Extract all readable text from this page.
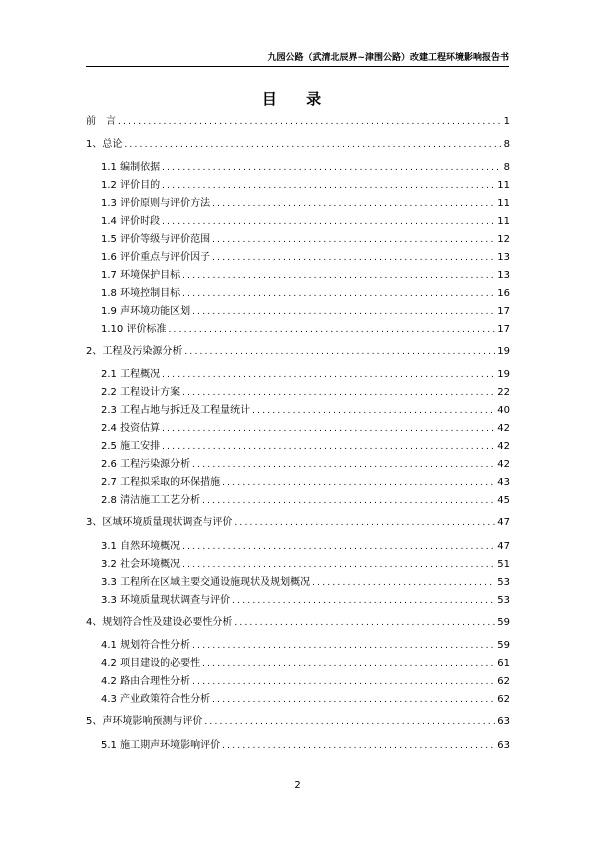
九园公路（武清北辰界~津围公路）改建工程环境影响报告书
目 录
前　言 .....	1
1、总论 .....	8
1.1 编制依据 .....	8
1.2 评价目的 .....	11
1.3 评价原则与评价方法 .....	11
1.4 评价时段 .....	11
1.5 评价等级与评价范围 .....	12
1.6 评价重点与评价因子 .....	13
1.7 环境保护目标 .....	13
1.8 环境控制目标 .....	16
1.9 声环境功能区划 .....	17
1.10 评价标准 .....	17
2、工程及污染源分析 .....	19
2.1 工程概况 .....	19
2.2 工程设计方案 .....	22
2.3 工程占地与拆迁及工程量统计 .....	40
2.4 投资估算 .....	42
2.5 施工安排 .....	42
2.6 工程污染源分析 .....	42
2.7 工程拟采取的环保措施 .....	43
2.8 清洁施工工艺分析 .....	45
3、区域环境质量现状调查与评价 .....	47
3.1 自然环境概况 .....	47
3.2 社会环境概况 .....	51
3.3 工程所在区域主要交通设施现状及规划概况 .....	53
3.3 环境质量现状调查与评价 .....	53
4、规划符合性及建设必要性分析 .....	59
4.1 规划符合性分析 .....	59
4.2 项目建设的必要性 .....	61
4.2 路由合理性分析 .....	62
4.3 产业政策符合性分析 .....	62
5、声环境影响预测与评价 .....	63
5.1 施工期声环境影响评价 .....	63
2
